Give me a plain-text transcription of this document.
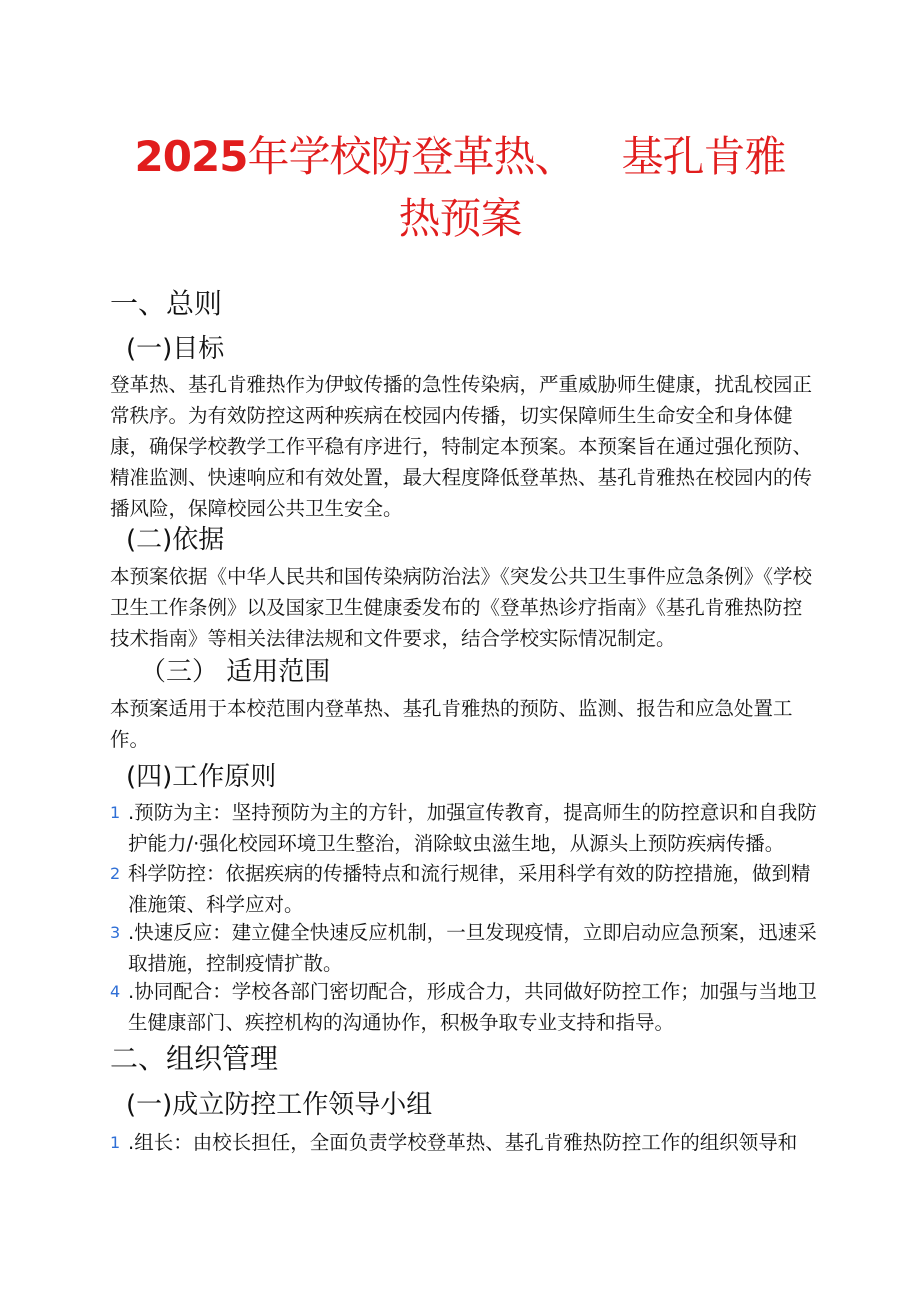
2025年学校防登革热、 基孔肯雅
热预案
一、总则
(一)目标

登革热、基孔肯雅热作为伊蚊传播的急性传染病，严重威胁师生健康，扰乱校园正常秩序。为有效防控这两种疾病在校园内传播，切实保障师生生命安全和身体健康，确保学校教学工作平稳有序进行，特制定本预案。本预案旨在通过强化预防、精准监测、快速响应和有效处置，最大程度降低登革热、基孔肯雅热在校园内的传播风险，保障校园公共卫生安全。

(二)依据

本预案依据《中华人民共和国传染病防治法》《突发公共卫生事件应急条例》《学校卫生工作条例》以及国家卫生健康委发布的《登革热诊疗指南》《基孔肯雅热防控技术指南》等相关法律法规和文件要求，结合学校实际情况制定。

（三） 适用范围

本预案适用于本校范围内登革热、基孔肯雅热的预防、监测、报告和应急处置工作。

(四)工作原则
1 .预防为主：坚持预防为主的方针，加强宣传教育，提高师生的防控意识和自我防护能力/·强化校园环境卫生整治，消除蚊虫滋生地，从源头上预防疾病传播。
2 科学防控：依据疾病的传播特点和流行规律，采用科学有效的防控措施，做到精准施策、科学应对。
3 .快速反应：建立健全快速反应机制，一旦发现疫情，立即启动应急预案，迅速采取措施，控制疫情扩散。
4 .协同配合：学校各部门密切配合，形成合力，共同做好防控工作；加强与当地卫生健康部门、疾控机构的沟通协作，积极争取专业支持和指导。
二、组织管理
(一)成立防控工作领导小组
1 .组长：由校长担任，全面负责学校登革热、基孔肯雅热防控工作的组织领导和
